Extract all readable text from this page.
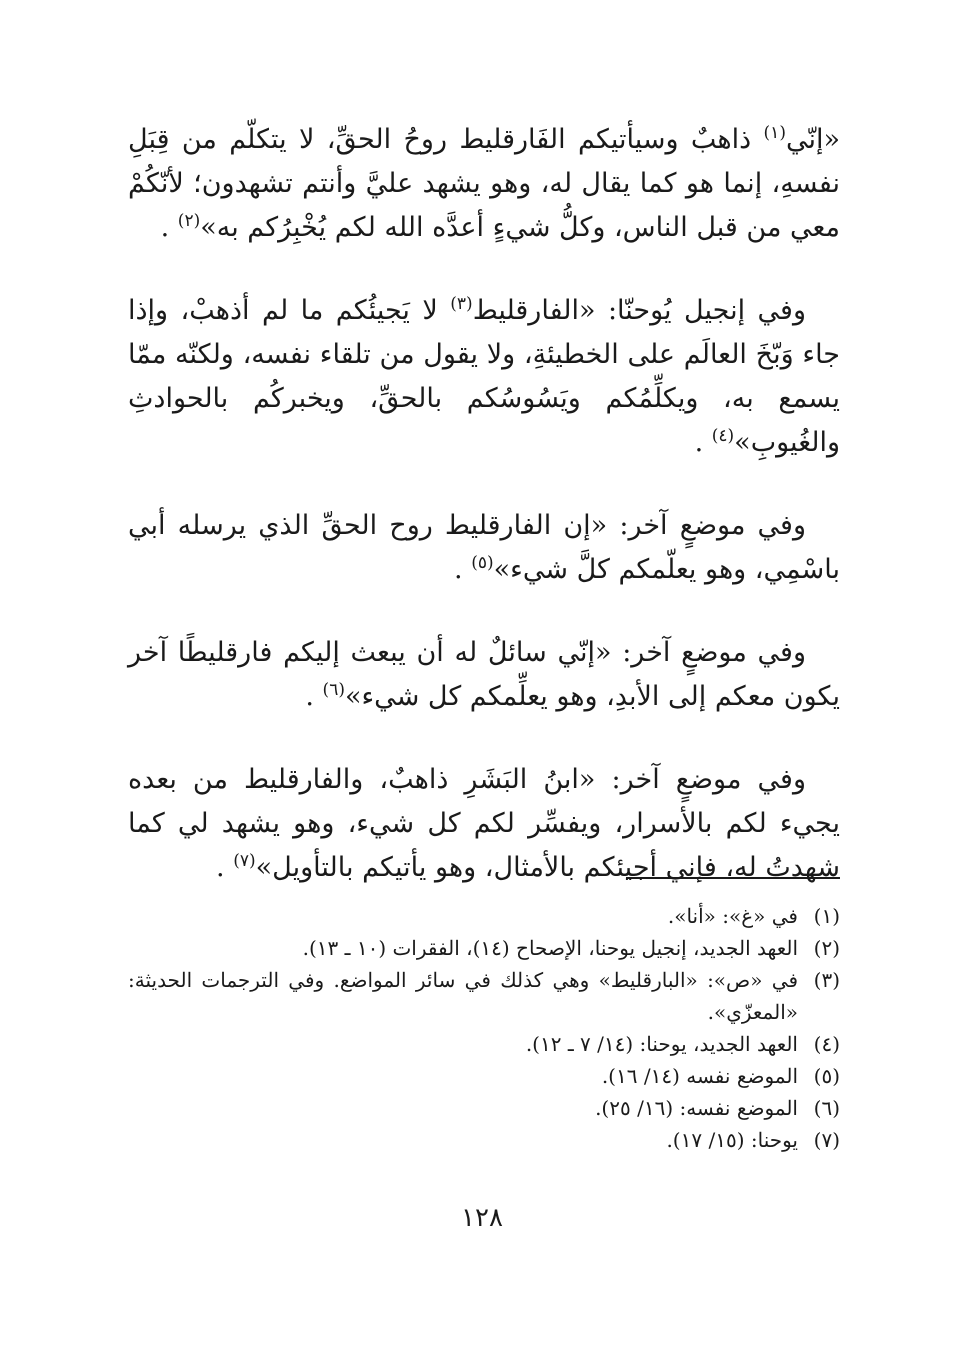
«إنّي$^{(١)}$ ذاهبٌ وسيأتيكم الفَارقليط روحُ الحقِّ، لا يتكلّم من قِبَلِ نفسهِ، إنما هو كما يقال له، وهو يشهد عليَّ وأنتم تشهدون؛ لأنّكُمْ معي من قبل الناس، وكلُّ شيءٍ أعدَّه الله لكم يُخْبِرُكم به»$^{(٢)}$ .

وفي إنجيل يُوحنّا: «الفارقليط$^{(٣)}$ لا يَجيئُكم ما لم أذهبْ، وإذا جاء وَبّخَ العالَم على الخطيئةِ، ولا يقول من تلقاء نفسه، ولكنّه ممّا يسمع به، ويكلِّمُكم ويَسُوسُكم بالحقِّ، ويخبركُم بالحوادثِ والغُيوبِ»$^{(٤)}$ .

وفي موضعٍ آخر: «إن الفارقليط روح الحقِّ الذي يرسله أبي باسْمِي، وهو يعلّمكم كلَّ شيء»$^{(٥)}$ .

وفي موضعٍ آخر: «إنّي سائلٌ له أن يبعث إليكم فارقليطًا آخر يكون معكم إلى الأبدِ، وهو يعلِّمكم كل شيء»$^{(٦)}$ .

وفي موضعٍ آخر: «ابنُ البَشَرِ ذاهبٌ، والفارقليط من بعده يجيء لكم بالأسرار، ويفسِّر لكم كل شيء، وهو يشهد لي كما شهدتُ له، فإني أجيئكم بالأمثال، وهو يأتيكم بالتأويل»$^{(٧)}$ .

(١)
في «غ»: «أنا».
(٢)
العهد الجديد، إنجيل يوحنا، الإصحاح (١٤)، الفقرات (١٠ ـ ١٣).
(٣)
في «ص»: «البارقليط» وهي كذلك في سائر المواضع. وفي الترجمات الحديثة: «المعزّي».
(٤)
العهد الجديد، يوحنا: (١٤/ ٧ ـ ١٢).
(٥)
الموضع نفسه (١٤/ ١٦).
(٦)
الموضع نفسه: (١٦/ ٢٥).
(٧)
يوحنا: (١٥/ ١٧).
١٢٨
